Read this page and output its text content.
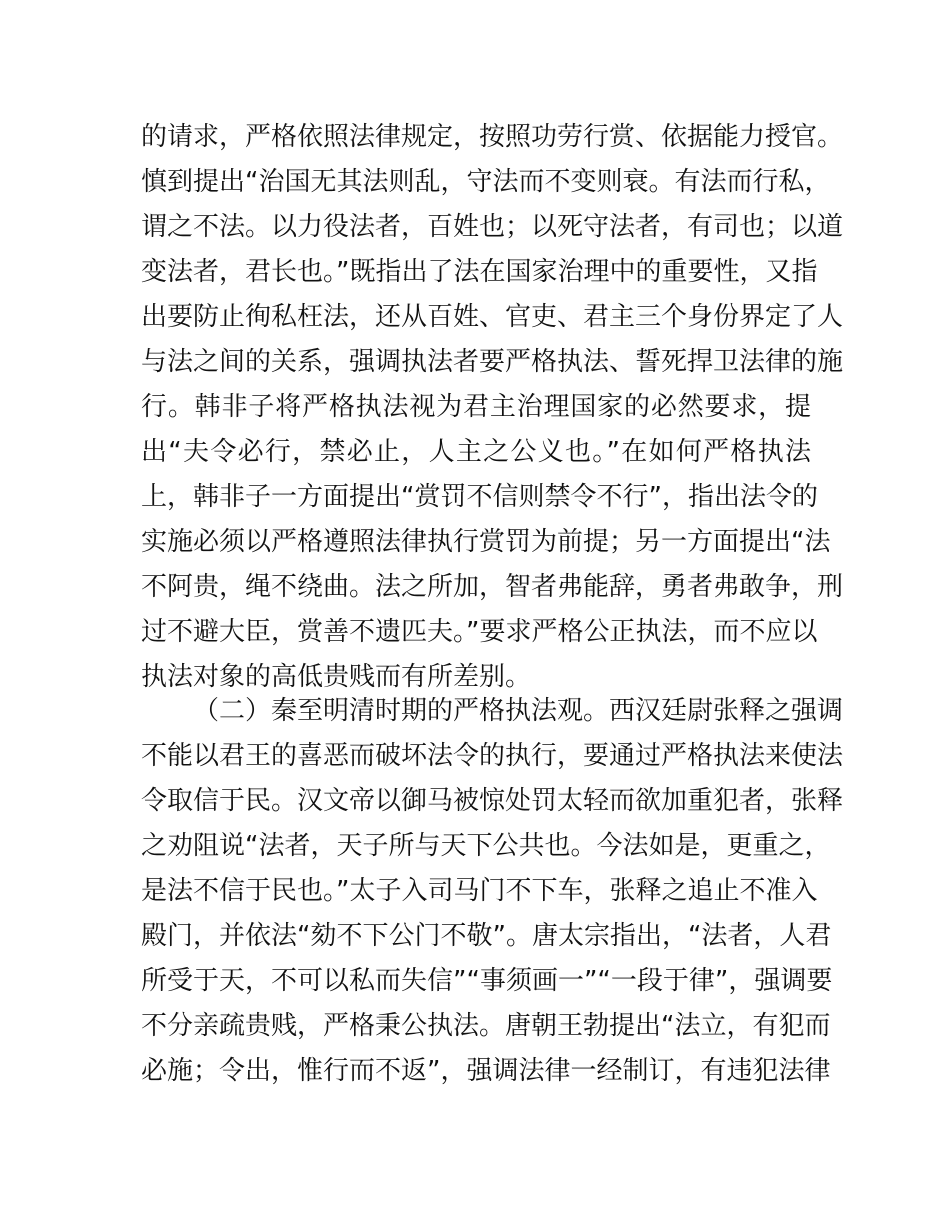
的请求，严格依照法律规定，按照功劳行赏、依据能力授官。
慎到提出“治国无其法则乱，守法而不变则衰。有法而行私，
谓之不法。以力役法者，百姓也；以死守法者，有司也；以道
变法者，君长也。”既指出了法在国家治理中的重要性，又指
出要防止徇私枉法，还从百姓、官吏、君主三个身份界定了人
与法之间的关系，强调执法者要严格执法、誓死捍卫法律的施
行。韩非子将严格执法视为君主治理国家的必然要求，提
出“夫令必行，禁必止，人主之公义也。”在如何严格执法
上，韩非子一方面提出“赏罚不信则禁令不行”，指出法令的
实施必须以严格遵照法律执行赏罚为前提；另一方面提出“法
不阿贵，绳不绕曲。法之所加，智者弗能辞，勇者弗敢争，刑
过不避大臣，赏善不遗匹夫。”要求严格公正执法，而不应以
执法对象的高低贵贱而有所差别。
（二）秦至明清时期的严格执法观。西汉廷尉张释之强调
不能以君王的喜恶而破坏法令的执行，要通过严格执法来使法
令取信于民。汉文帝以御马被惊处罚太轻而欲加重犯者，张释
之劝阻说“法者，天子所与天下公共也。今法如是，更重之，
是法不信于民也。”太子入司马门不下车，张释之追止不准入
殿门，并依法“劾不下公门不敬”。唐太宗指出，“法者，人君
所受于天，不可以私而失信”“事须画一”“一段于律”，强调要
不分亲疏贵贱，严格秉公执法。唐朝王勃提出“法立，有犯而
必施；令出，惟行而不返”，强调法律一经制订，有违犯法律
